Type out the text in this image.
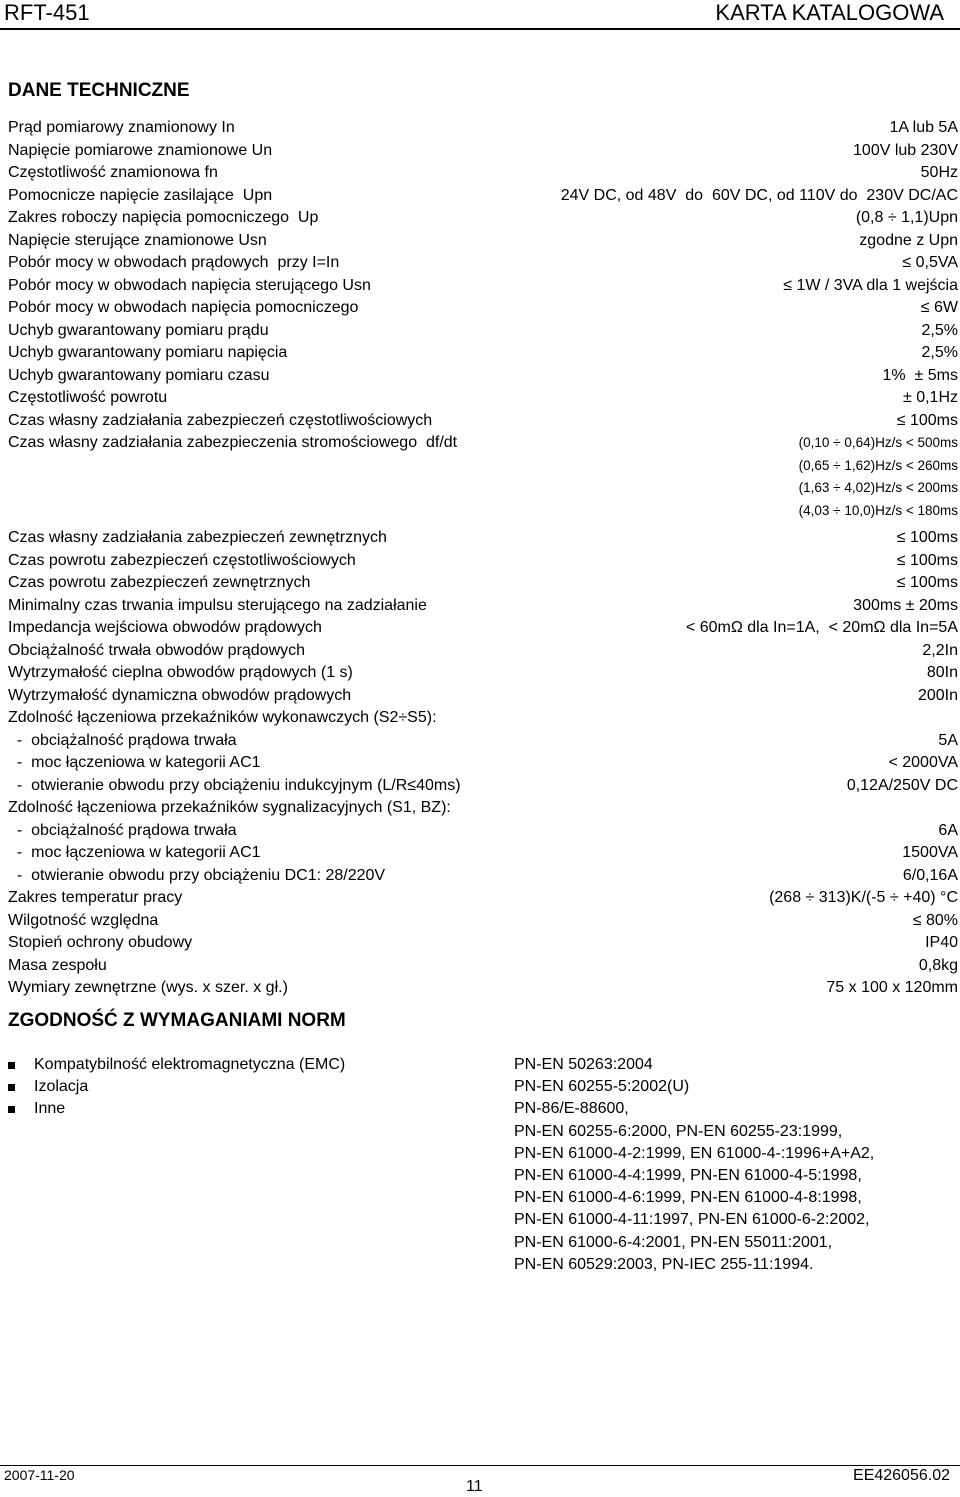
RFT-451	KARTA KATALOGOWA
DANE TECHNICZNE
Prąd pomiarowy znamionowy In	1A lub 5A
Napięcie pomiarowe znamionowe Un	100V lub 230V
Częstotliwość znamionowa fn	50Hz
Pomocnicze napięcie zasilające  Upn	24V DC, od 48V  do  60V DC, od 110V do  230V DC/AC
Zakres roboczy napięcia pomocniczego  Up	(0,8 ÷ 1,1)Upn
Napięcie sterujące znamionowe Usn	zgodne z Upn
Pobór mocy w obwodach prądowych  przy I=In	≤ 0,5VA
Pobór mocy w obwodach napięcia sterującego Usn	≤ 1W / 3VA dla 1 wejścia
Pobór mocy w obwodach napięcia pomocniczego	≤ 6W
Uchyb gwarantowany pomiaru prądu	2,5%
Uchyb gwarantowany pomiaru napięcia	2,5%
Uchyb gwarantowany pomiaru czasu	1%  ± 5ms
Częstotliwość powrotu	± 0,1Hz
Czas własny zadziałania zabezpieczeń częstotliwościowych	≤ 100ms
Czas własny zadziałania zabezpieczenia stromościowego  df/dt	(0,10 ÷ 0,64)Hz/s < 500ms
(0,65 ÷ 1,62)Hz/s < 260ms
(1,63 ÷ 4,02)Hz/s < 200ms
(4,03 ÷ 10,0)Hz/s < 180ms
Czas własny zadziałania zabezpieczeń zewnętrznych	≤ 100ms
Czas powrotu zabezpieczeń częstotliwościowych	≤ 100ms
Czas powrotu zabezpieczeń zewnętrznych	≤ 100ms
Minimalny czas trwania impulsu sterującego na zadziałanie	300ms ± 20ms
Impedancja wejściowa obwodów prądowych	< 60mΩ dla In=1A,  < 20mΩ dla In=5A
Obciążalność trwała obwodów prądowych	2,2In
Wytrzymałość cieplna obwodów prądowych (1 s)	80In
Wytrzymałość dynamiczna obwodów prądowych	200In
Zdolność łączeniowa przekaźników wykonawczych (S2÷S5):
-  obciążalność prądowa trwała	5A
-  moc łączeniowa w kategorii AC1	< 2000VA
-  otwieranie obwodu przy obciążeniu indukcyjnym (L/R≤40ms)	0,12A/250V DC
Zdolność łączeniowa przekaźników sygnalizacyjnych (S1, BZ):
-  obciążalność prądowa trwała	6A
-  moc łączeniowa w kategorii AC1	1500VA
-  otwieranie obwodu przy obciążeniu DC1: 28/220V	6/0,16A
Zakres temperatur pracy	(268 ÷ 313)K/(-5 ÷ +40) °C
Wilgotność względna	≤ 80%
Stopień ochrony obudowy	IP40
Masa zespołu	0,8kg
Wymiary zewnętrzne (wys. x szer. x gł.)	75 x 100 x 120mm
ZGODNOŚĆ Z WYMAGANIAMI NORM
Kompatybilność elektromagnetyczna (EMC)	PN-EN 50263:2004
Izolacja	PN-EN 60255-5:2002(U)
Inne	PN-86/E-88600,
PN-EN 60255-6:2000, PN-EN 60255-23:1999,
PN-EN 61000-4-2:1999, EN 61000-4-:1996+A+A2,
PN-EN 61000-4-4:1999, PN-EN 61000-4-5:1998,
PN-EN 61000-4-6:1999, PN-EN 61000-4-8:1998,
PN-EN 61000-4-11:1997, PN-EN 61000-6-2:2002,
PN-EN 61000-6-4:2001, PN-EN 55011:2001,
PN-EN 60529:2003, PN-IEC 255-11:1994.
2007-11-20
11
EE426056.02
